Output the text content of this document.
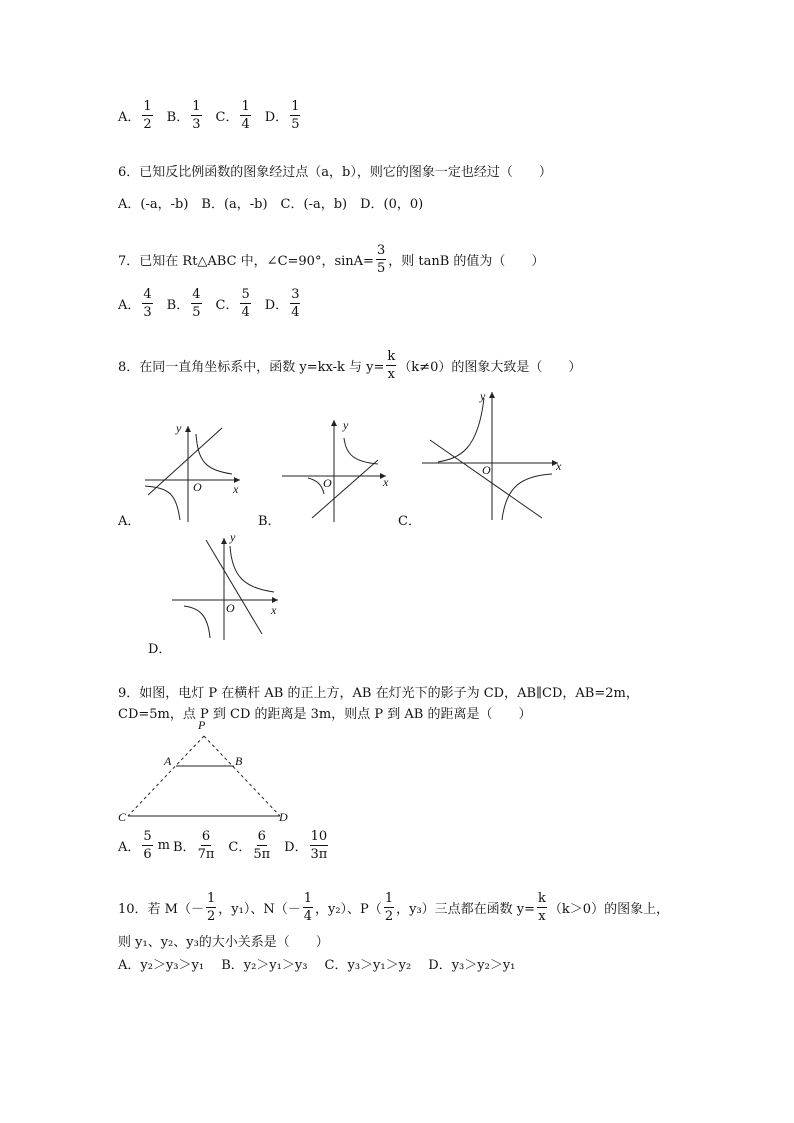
A． $\frac{1}{2}$ B． $\frac{1}{3}$ C． $\frac{1}{4}$ D． $\frac{1}{5}$
6．已知反比例函数的图象经过点（a，b），则它的图象一定也经过（　　）
A．(-a，-b)　B．(a，-b)　C．(-a，b)　D．(0，0)
7．已知在 Rt△ABC 中，∠C=90°，$\sin A= \frac{3}{5}$ ，则 tanB 的值为（　　）
A． $\frac{4}{3}$ B． $\frac{4}{5}$ C． $\frac{5}{4}$ D． $\frac{3}{4}$
8．在同一直角坐标系中，函数 y=kx-k 与 $y= \frac{k}{x} (k\ne 0)$的图象大致是（　　）
y
x
O
A．
y
x
O
B．
y
x
O
C．
y
x
O
D．
9．如图，电灯 P 在横杆 AB 的正上方，AB 在灯光下的影子为 CD，AB∥CD，AB=2m，
CD=5m，点 P 到 CD 的距离是 3m，则点 P 到 AB 的距离是（　　）
P
A	B
C	D
A． $\frac{5}{6}$ m B． $\frac{6}{7\pi}$ C． $\frac{6}{5\pi}$ D． $\frac{10}{3\pi}$
10．若 $M(- \frac{1}{2}$ ，y₁）、$N(- \frac{1}{4}$ ，y₂）、$P( \frac{1}{2}$ ，y₃）三点都在函数 $y= \frac{k}{x} (k>0)$的图象上，
则 y₁、y₂、y₃的大小关系是（　　）
A．y₂＞y₃＞y₁　 B．y₂＞y₁＞y₃　 C．y₃＞y₁＞y₂　 D．y₃＞y₂＞y₁
